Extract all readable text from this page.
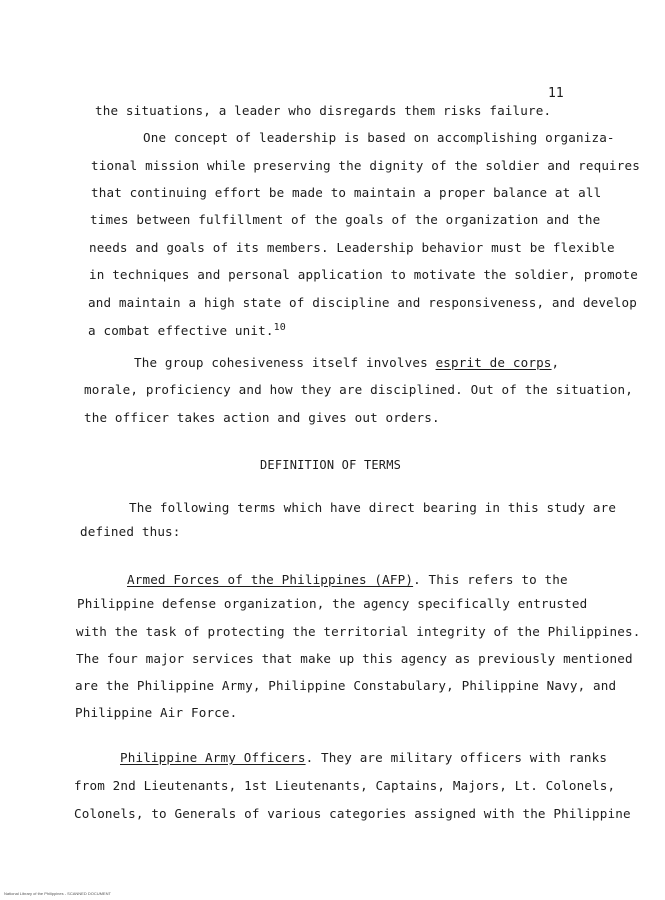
11
the situations, a leader who disregards them risks failure.
One concept of leadership is based on accomplishing organiza-
tional mission while preserving the dignity of the soldier and requires
that continuing effort be made to maintain a proper balance at all
times between fulfillment of the goals of the organization and the
needs and goals of its members. Leadership behavior must be flexible
in techniques and personal application to motivate the soldier, promote
and maintain a high state of discipline and responsiveness, and develop
a combat effective unit.$^{10}$
The group cohesiveness itself involves esprit de corps,
morale, proficiency and how they are disciplined. Out of the situation,
the officer takes action and gives out orders.
DEFINITION OF TERMS
The following terms which have direct bearing in this study are
defined thus:
Armed Forces of the Philippines (AFP). This refers to the
Philippine defense organization, the agency specifically entrusted
with the task of protecting the territorial integrity of the Philippines.
The four major services that make up this agency as previously mentioned
are the Philippine Army, Philippine Constabulary, Philippine Navy, and
Philippine Air Force.
Philippine Army Officers. They are military officers with ranks
from 2nd Lieutenants, 1st Lieutenants, Captains, Majors, Lt. Colonels,
Colonels, to Generals of various categories assigned with the Philippine
National Library of the Philippines - SCANNED DOCUMENT
